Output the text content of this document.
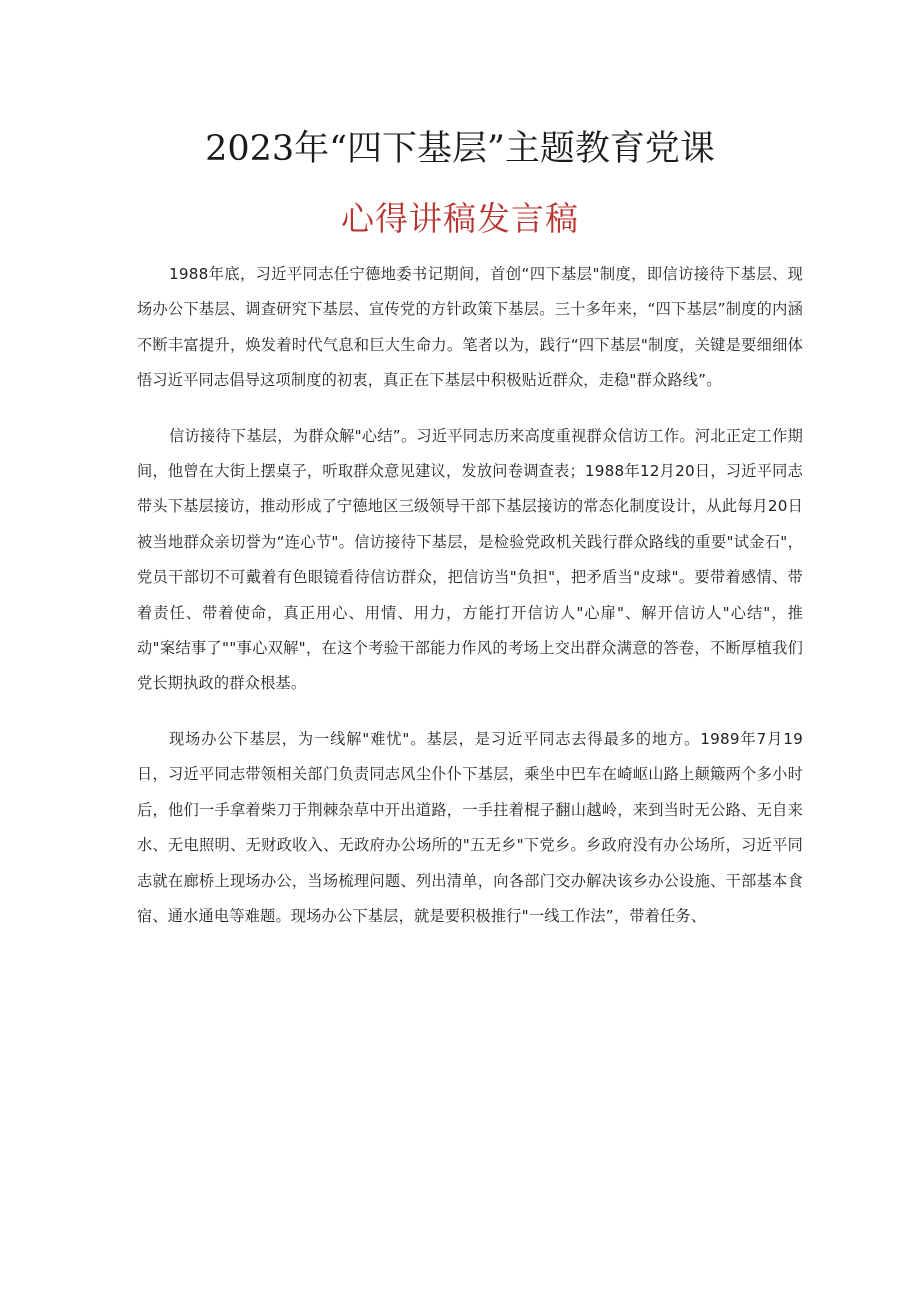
2023年“四下基层”主题教育党课
心得讲稿发言稿

1988年底，习近平同志任宁德地委书记期间，首创“四下基层"制度，即信访接待下基层、现场办公下基层、调查研究下基层、宣传党的方针政策下基层。三十多年来，“四下基层”制度的内涵不断丰富提升，焕发着时代气息和巨大生命力。笔者以为，践行“四下基层"制度，关键是要细细体悟习近平同志倡导这项制度的初衷，真正在下基层中积极贴近群众，走稳"群众路线”。

信访接待下基层，为群众解"心结”。习近平同志历来高度重视群众信访工作。河北正定工作期间，他曾在大街上摆桌子，听取群众意见建议，发放问卷调查表；1988年12月20日，习近平同志带头下基层接访，推动形成了宁德地区三级领导干部下基层接访的常态化制度设计，从此每月20日被当地群众亲切誉为“连心节"。信访接待下基层，是检验党政机关践行群众路线的重要"试金石"，党员干部切不可戴着有色眼镜看待信访群众，把信访当"负担"，把矛盾当"皮球"。要带着感情、带着责任、带着使命，真正用心、用情、用力，方能打开信访人"心扉"、解开信访人"心结"，推动"案结事了""事心双解"，在这个考验干部能力作风的考场上交出群众满意的答卷，不断厚植我们党长期执政的群众根基。

现场办公下基层，为一线解"难忧"。基层，是习近平同志去得最多的地方。1989年7月19日，习近平同志带领相关部门负责同志风尘仆仆下基层，乘坐中巴车在崎岖山路上颠簸两个多小时后，他们一手拿着柴刀于荆棘杂草中开出道路，一手拄着棍子翻山越岭，来到当时无公路、无自来水、无电照明、无财政收入、无政府办公场所的"五无乡"下党乡。乡政府没有办公场所，习近平同志就在廊桥上现场办公，当场梳理问题、列出清单，向各部门交办解决该乡办公设施、干部基本食宿、通水通电等难题。现场办公下基层，就是要积极推行"一线工作法”，带着任务、
